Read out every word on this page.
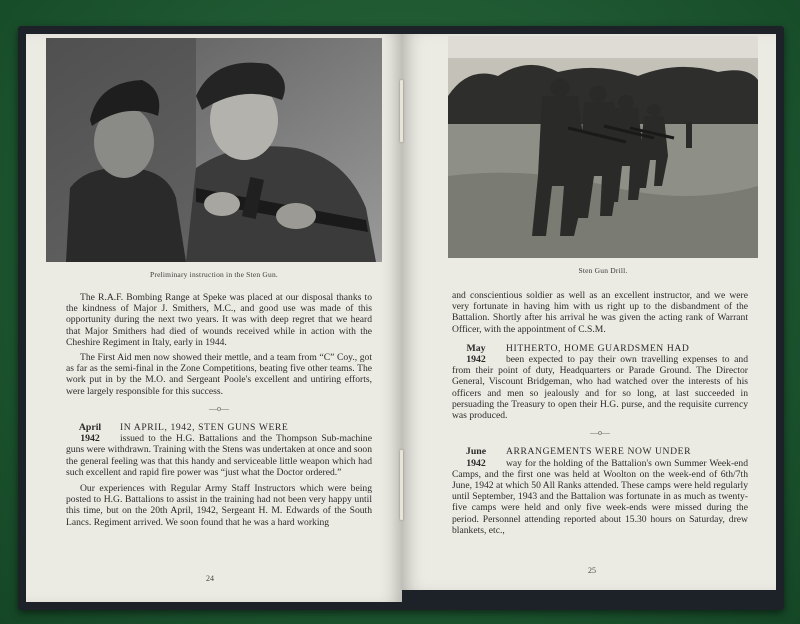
Preliminary instruction in the Sten Gun.

The R.A.F. Bombing Range at Speke was placed at our disposal thanks to the kindness of Major J. Smithers, M.C., and good use was made of this opportunity during the next two years. It was with deep regret that we heard that Major Smithers had died of wounds received while in action with the Cheshire Regiment in Italy, early in 1944.

The First Aid men now showed their mettle, and a team from “C” Coy., got as far as the semi-final in the Zone Competitions, beating five other teams. The work put in by the M.O. and Sergeant Poole's excellent and untiring efforts, were largely responsible for this success.

—o—
April
1942
IN APRIL, 1942, STEN GUNS WERE
issued to the H.G. Battalions and the Thompson Sub-machine guns were withdrawn. Training with the Stens was undertaken at once and soon the general feeling was that this handy and serviceable little weapon which had such excellent and rapid fire power was “just what the Doctor ordered.”

Our experiences with Regular Army Staff Instructors which were being posted to H.G. Battalions to assist in the training had not been very happy until this time, but on the 20th April, 1942, Sergeant H. M. Edwards of the South Lancs. Regiment arrived. We soon found that he was a hard working

24
Sten Gun Drill.

and conscientious soldier as well as an excellent instructor, and we were very fortunate in having him with us right up to the disbandment of the Battalion. Shortly after his arrival he was given the acting rank of Warrant Officer, with the appointment of C.S.M.

May
1942
HITHERTO, HOME GUARDSMEN HAD
been expected to pay their own travelling expenses to and from their point of duty, Headquarters or Parade Ground. The Director General, Viscount Bridgeman, who had watched over the interests of his officers and men so jealously and for so long, at last succeeded in persuading the Treasury to open their H.G. purse, and the requisite currency was produced.
—o—
June
1942
ARRANGEMENTS WERE NOW UNDER
way for the holding of the Battalion's own Summer Week-end Camps, and the first one was held at Woolton on the week-end of 6th/7th June, 1942 at which 50 All Ranks attended. These camps were held regularly until September, 1943 and the Battalion was fortunate in as much as twenty-five camps were held and only five week-ends were missed during the period. Personnel attending reported about 15.30 hours on Saturday, drew blankets, etc.,
25
